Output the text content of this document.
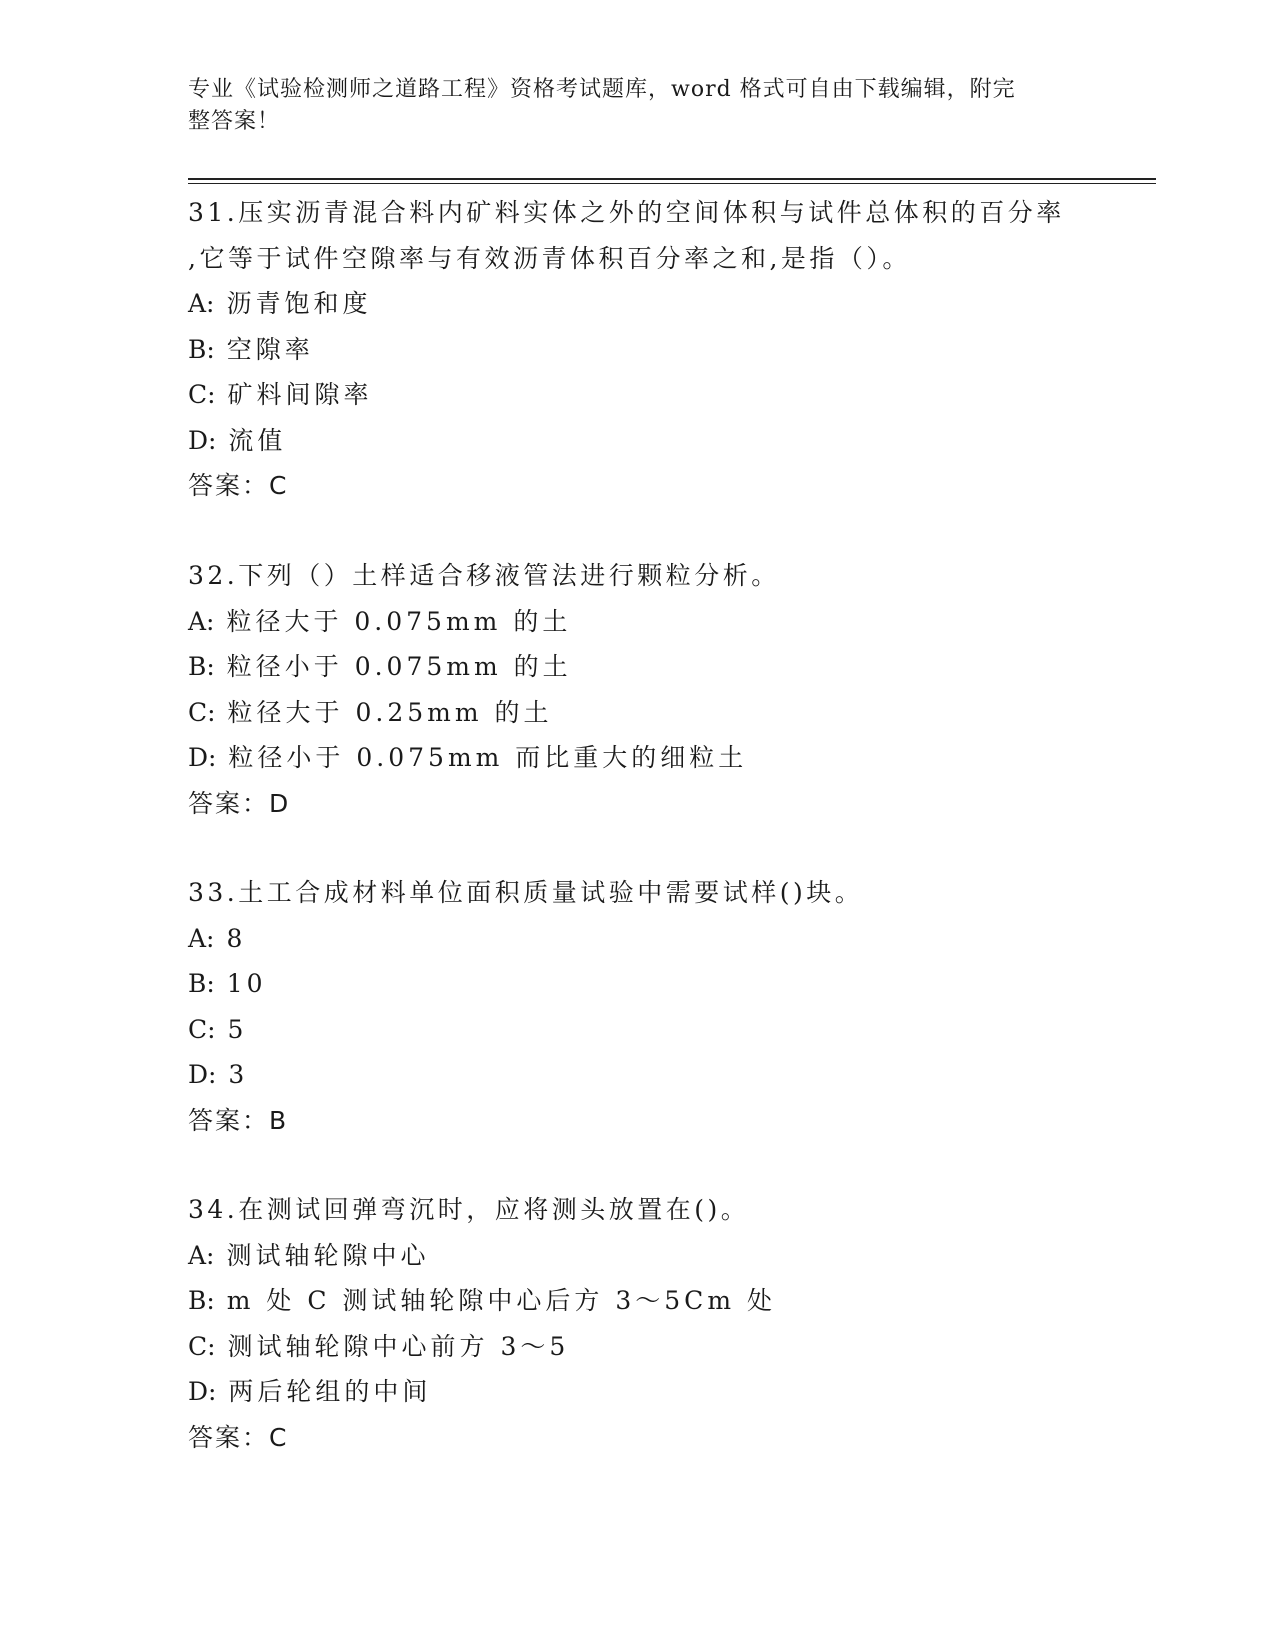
专业《试验检测师之道路工程》资格考试题库，word 格式可自由下载编辑，附完
整答案！
31.压实沥青混合料内矿料实体之外的空间体积与试件总体积的百分率
,它等于试件空隙率与有效沥青体积百分率之和,是指（）。
A: 沥青饱和度
B: 空隙率
C: 矿料间隙率
D: 流值
答案：C
32.下列（）土样适合移液管法进行颗粒分析。
A: 粒径大于 0.075mm 的土
B: 粒径小于 0.075mm 的土
C: 粒径大于 0.25mm 的土
D: 粒径小于 0.075mm 而比重大的细粒土
答案：D
33.土工合成材料单位面积质量试验中需要试样()块。
A: 8
B: 10
C: 5
D: 3
答案：B
34.在测试回弹弯沉时，应将测头放置在()。
A: 测试轴轮隙中心
B: m 处 C 测试轴轮隙中心后方 3～5Cm 处
C: 测试轴轮隙中心前方 3～5
D: 两后轮组的中间
答案：C
